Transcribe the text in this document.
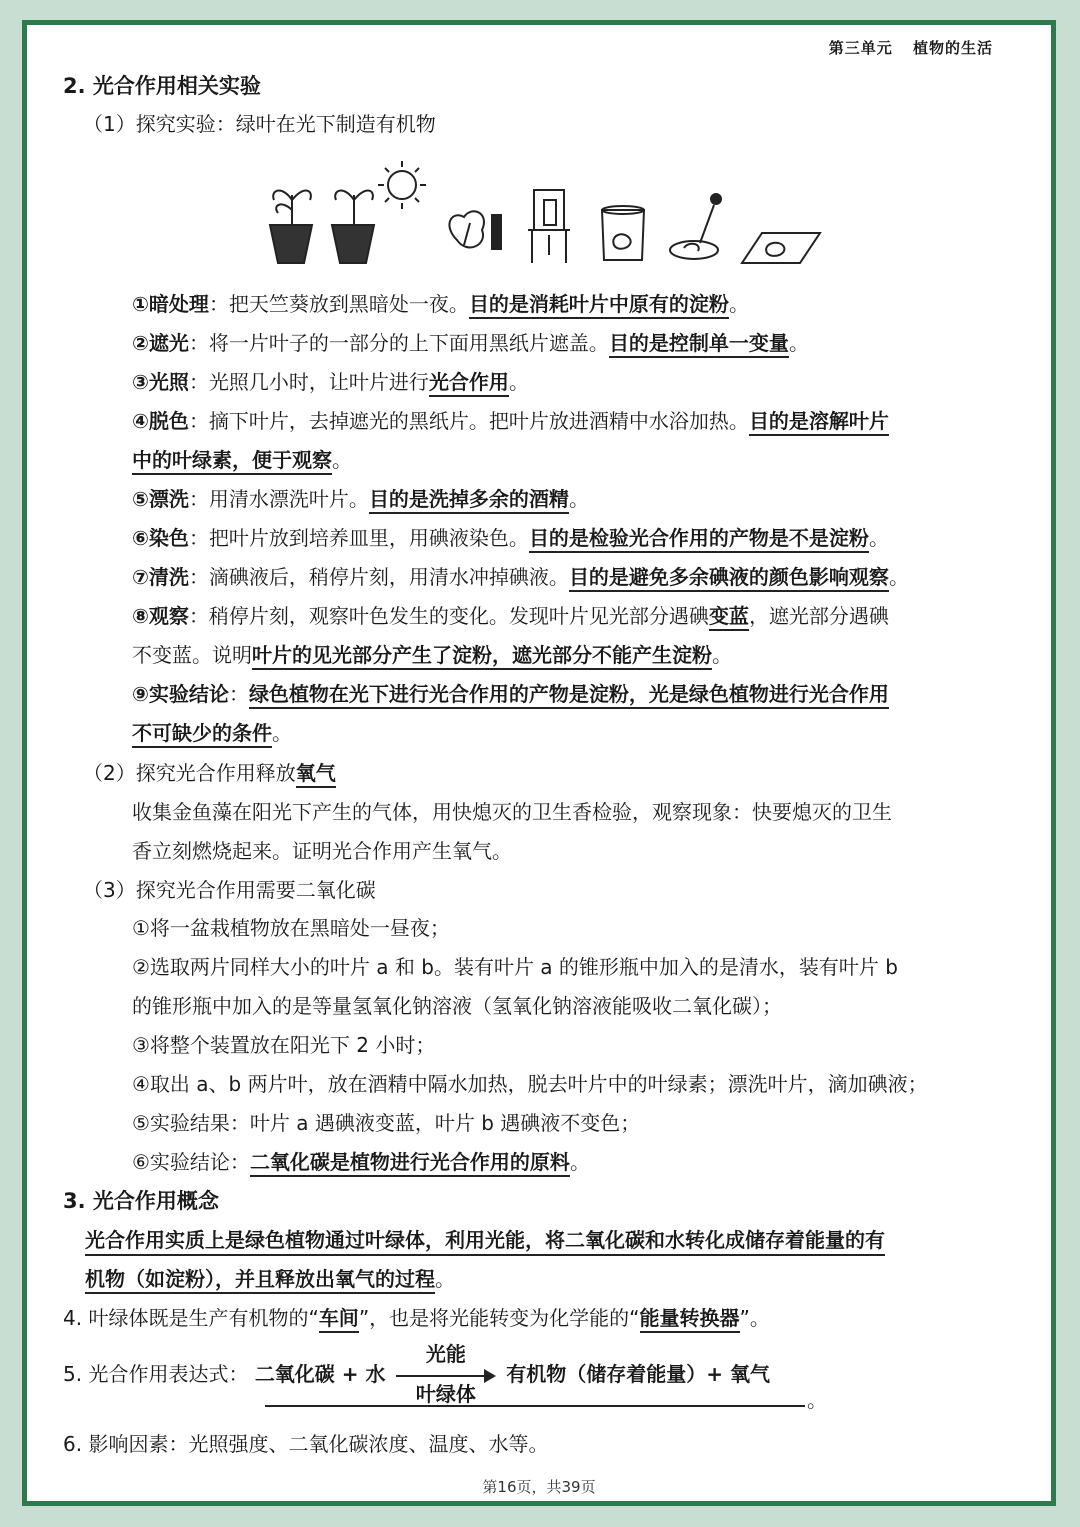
第三单元 植物的生活
2. 光合作用相关实验
（1）探究实验：绿叶在光下制造有机物
①暗处理：把天竺葵放到黑暗处一夜。目的是消耗叶片中原有的淀粉。
②遮光：将一片叶子的一部分的上下面用黑纸片遮盖。目的是控制单一变量。
③光照：光照几小时，让叶片进行光合作用。
④脱色：摘下叶片，去掉遮光的黑纸片。把叶片放进酒精中水浴加热。目的是溶解叶片
中的叶绿素，便于观察。
⑤漂洗：用清水漂洗叶片。目的是洗掉多余的酒精。
⑥染色：把叶片放到培养皿里，用碘液染色。目的是检验光合作用的产物是不是淀粉。
⑦清洗：滴碘液后，稍停片刻，用清水冲掉碘液。目的是避免多余碘液的颜色影响观察。
⑧观察：稍停片刻，观察叶色发生的变化。发现叶片见光部分遇碘变蓝，遮光部分遇碘
不变蓝。说明叶片的见光部分产生了淀粉，遮光部分不能产生淀粉。
⑨实验结论：绿色植物在光下进行光合作用的产物是淀粉，光是绿色植物进行光合作用
不可缺少的条件。
（2）探究光合作用释放氧气
收集金鱼藻在阳光下产生的气体，用快熄灭的卫生香检验，观察现象：快要熄灭的卫生
香立刻燃烧起来。证明光合作用产生氧气。
（3）探究光合作用需要二氧化碳
①将一盆栽植物放在黑暗处一昼夜；
②选取两片同样大小的叶片 a 和 b。装有叶片 a 的锥形瓶中加入的是清水，装有叶片 b
的锥形瓶中加入的是等量氢氧化钠溶液（氢氧化钠溶液能吸收二氧化碳）；
③将整个装置放在阳光下 2 小时；
④取出 a、b 两片叶，放在酒精中隔水加热，脱去叶片中的叶绿素；漂洗叶片，滴加碘液；
⑤实验结果：叶片 a 遇碘液变蓝，叶片 b 遇碘液不变色；
⑥实验结论：二氧化碳是植物进行光合作用的原料。
3. 光合作用概念
光合作用实质上是绿色植物通过叶绿体，利用光能，将二氧化碳和水转化成储存着能量的有
机物（如淀粉），并且释放出氧气的过程。
4. 叶绿体既是生产有机物的“车间”，也是将光能转变为化学能的“能量转换器”。
5. 光合作用表达式： 二氧化碳 + 水
光能
叶绿体
有机物（储存着能量）+ 氧气
。
6. 影响因素：光照强度、二氧化碳浓度、温度、水等。
第16页，共39页
